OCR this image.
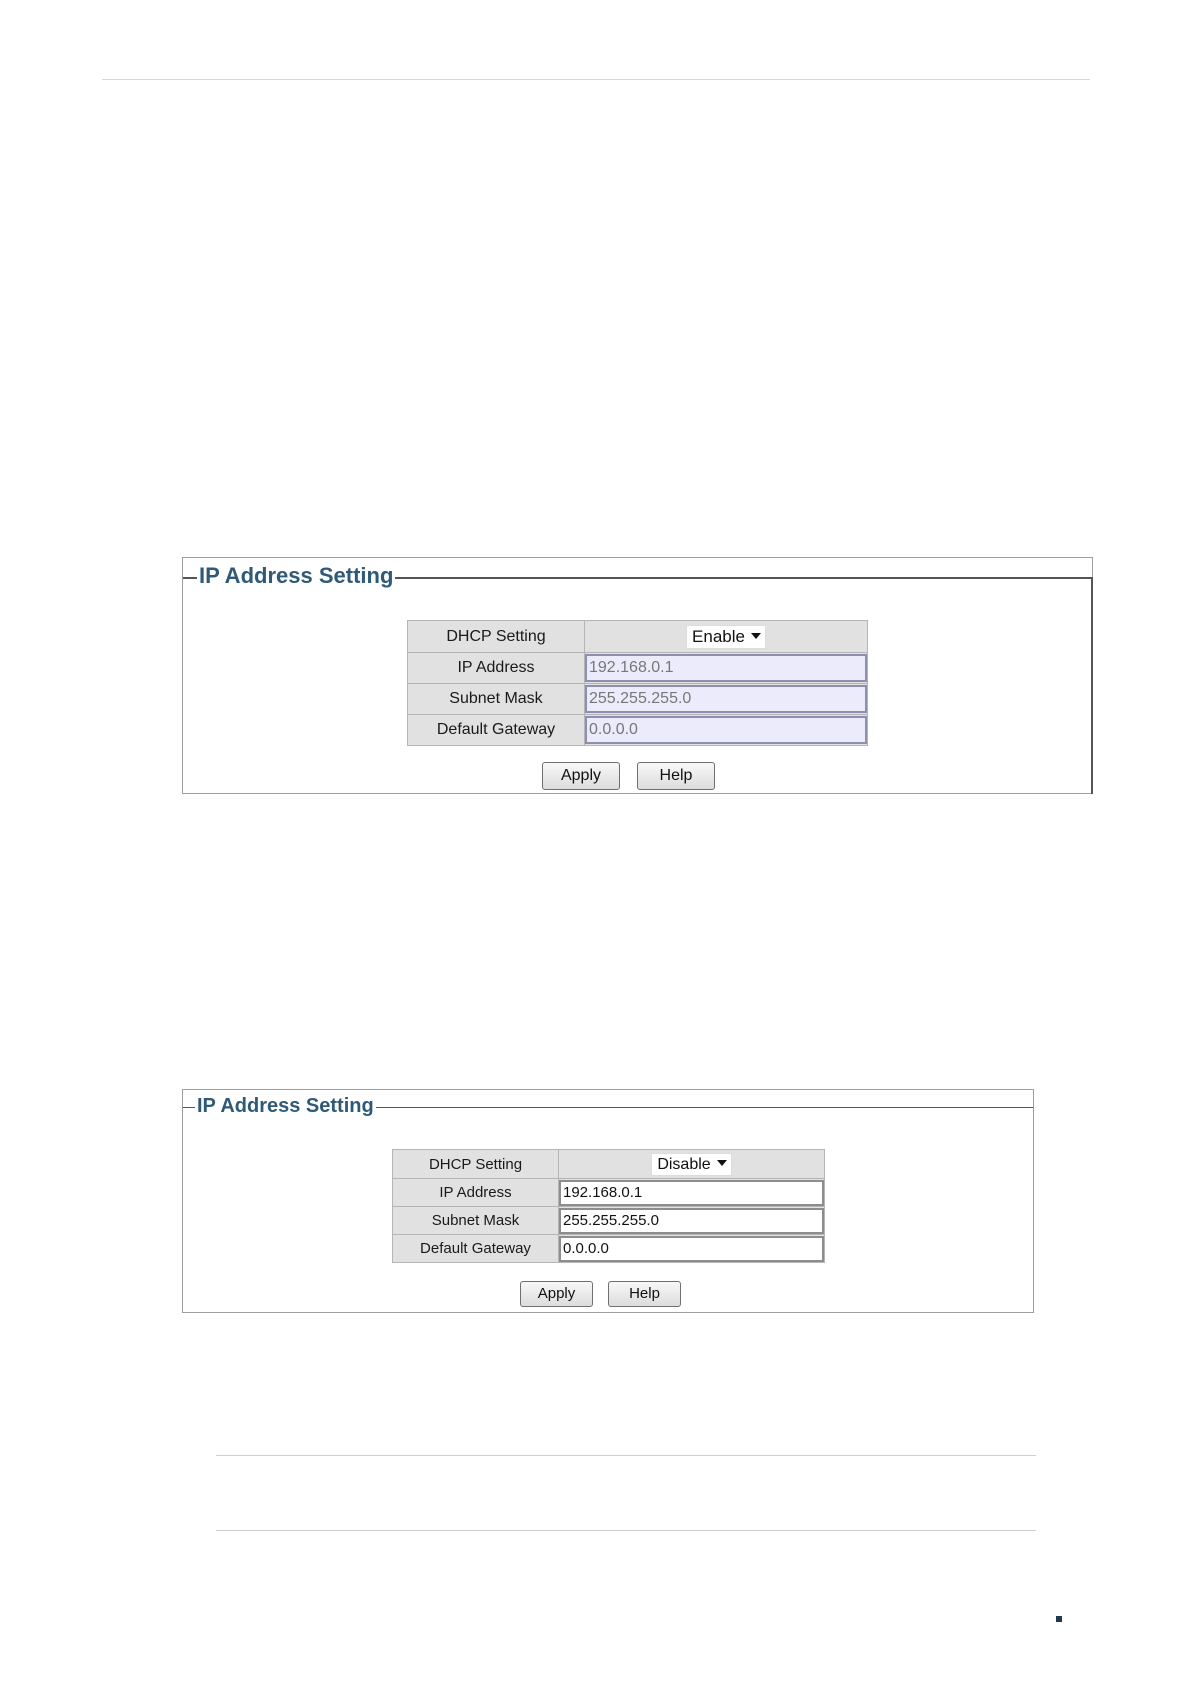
IP Address Setting
DHCP Setting	Enable
IP Address	192.168.0.1

Subnet Mask	255.255.255.0

Default Gateway	0.0.0.0
Apply	Help
IP Address Setting
DHCP Setting	Disable
IP Address	192.168.0.1

Subnet Mask	255.255.255.0

Default Gateway	0.0.0.0
Apply	Help
